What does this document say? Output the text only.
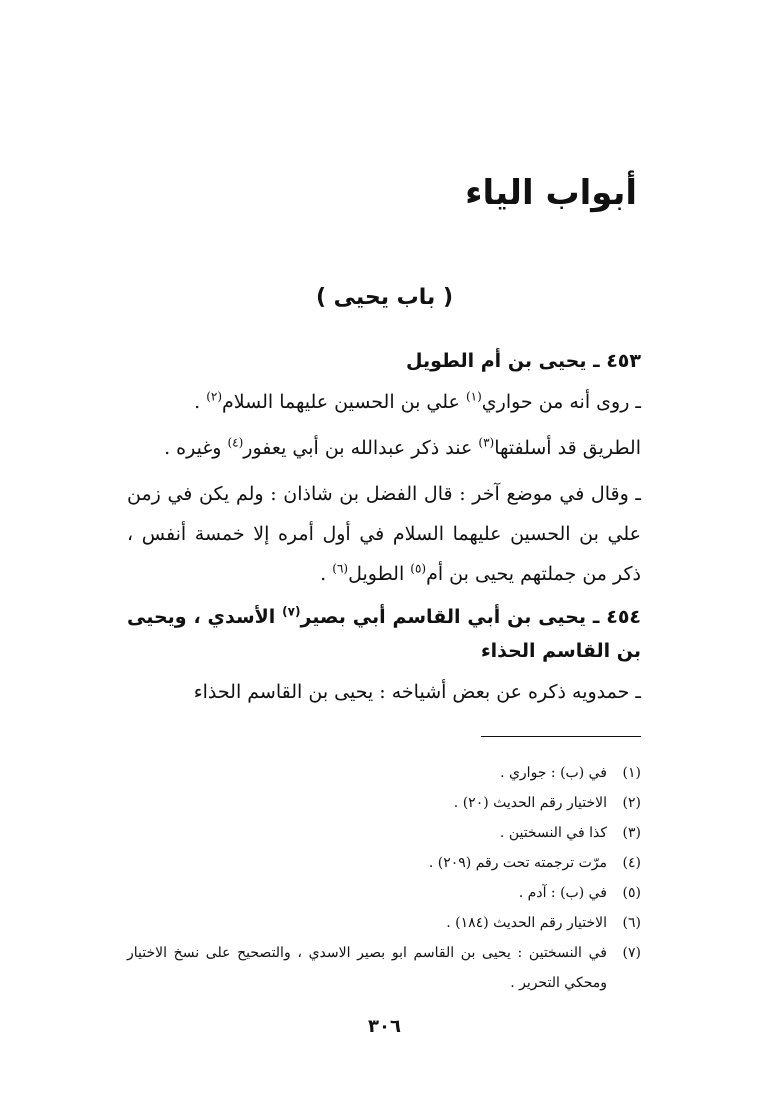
أبواب الياء
( باب يحيى )
٤٥٣ ـ يحيى بن أم الطويل

ـ روى أنه من حواري$^{(١)}$ علي بن الحسين عليهما السلام$^{(٢)}$ .

الطريق قد أسلفتها$^{(٣)}$ عند ذكر عبدالله بن أبي يعفور$^{(٤)}$ وغيره .

ـ وقال في موضع آخر : قال الفضل بن شاذان : ولم يكن في زمن علي بن الحسين عليهما السلام في أول أمره إلا خمسة أنفس ، ذكر من جملتهم يحيى بن أم$^{(٥)}$ الطويل$^{(٦)}$ .

٤٥٤ ـ يحيى بن أبي القاسم أبي بصير$^{(٧)}$ الأسدي ، ويحيى بن القاسم الحذاء

ـ حمدويه ذكره عن بعض أشياخه : يحيى بن القاسم الحذاء

(١)
في (ب) : جواري .
(٢)
الاختيار رقم الحديث (٢٠) .
(٣)
كذا في النسختين .
(٤)
مرّت ترجمته تحت رقم (٢٠٩) .
(٥)
في (ب) : آدم .
(٦)
الاختيار رقم الحديث (١٨٤) .
(٧)
في النسختين : يحيى بن القاسم ابو بصير الاسدي ، والتصحيح على نسخ الاختيار ومحكي التحرير .
٣٠٦
